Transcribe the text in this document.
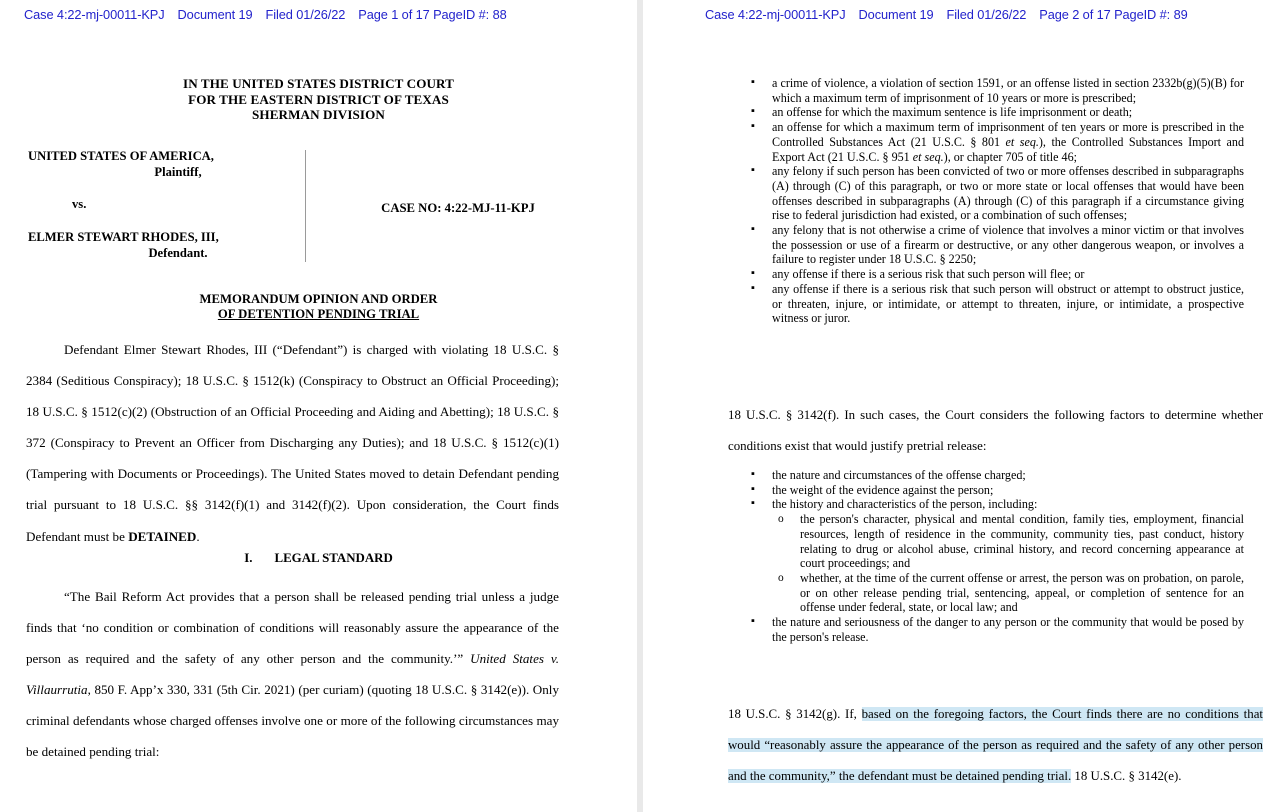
Case 4:22-mj-00011-KPJ Document 19 Filed 01/26/22 Page 1 of 17 PageID #: 88
IN THE UNITED STATES DISTRICT COURT
FOR THE EASTERN DISTRICT OF TEXAS
SHERMAN DIVISION
UNITED STATES OF AMERICA,
Plaintiff,
vs.
ELMER STEWART RHODES, III,
Defendant.
CASE NO: 4:22-MJ-11-KPJ
MEMORANDUM OPINION AND ORDER
OF DETENTION PENDING TRIAL

Defendant Elmer Stewart Rhodes, III (“Defendant”) is charged with violating 18 U.S.C. § 2384 (Seditious Conspiracy); 18 U.S.C. § 1512(k) (Conspiracy to Obstruct an Official Proceeding); 18 U.S.C. § 1512(c)(2) (Obstruction of an Official Proceeding and Aiding and Abetting); 18 U.S.C. § 372 (Conspiracy to Prevent an Officer from Discharging any Duties); and 18 U.S.C. § 1512(c)(1) (Tampering with Documents or Proceedings). The United States moved to detain Defendant pending trial pursuant to 18 U.S.C. §§ 3142(f)(1) and 3142(f)(2). Upon consideration, the Court finds Defendant must be DETAINED.

I. LEGAL STANDARD

“The Bail Reform Act provides that a person shall be released pending trial unless a judge finds that ‘no condition or combination of conditions will reasonably assure the appearance of the person as required and the safety of any other person and the community.’” United States v. Villaurrutia, 850 F. App’x 330, 331 (5th Cir. 2021) (per curiam) (quoting 18 U.S.C. § 3142(e)). Only criminal defendants whose charged offenses involve one or more of the following circumstances may be detained pending trial:

Case 4:22-mj-00011-KPJ Document 19 Filed 01/26/22 Page 2 of 17 PageID #: 89
▪ a crime of violence, a violation of section 1591, or an offense listed in section 2332b(g)(5)(B) for which a maximum term of imprisonment of 10 years or more is prescribed;
▪ an offense for which the maximum sentence is life imprisonment or death;
▪ an offense for which a maximum term of imprisonment of ten years or more is prescribed in the Controlled Substances Act (21 U.S.C. § 801 et seq.), the Controlled Substances Import and Export Act (21 U.S.C. § 951 et seq.), or chapter 705 of title 46;
▪ any felony if such person has been convicted of two or more offenses described in subparagraphs (A) through (C) of this paragraph, or two or more state or local offenses that would have been offenses described in subparagraphs (A) through (C) of this paragraph if a circumstance giving rise to federal jurisdiction had existed, or a combination of such offenses;
▪ any felony that is not otherwise a crime of violence that involves a minor victim or that involves the possession or use of a firearm or destructive, or any other dangerous weapon, or involves a failure to register under 18 U.S.C. § 2250;
▪ any offense if there is a serious risk that such person will flee; or
▪ any offense if there is a serious risk that such person will obstruct or attempt to obstruct justice, or threaten, injure, or intimidate, or attempt to threaten, injure, or intimidate, a prospective witness or juror.
18 U.S.C. § 3142(f). In such cases, the Court considers the following factors to determine whether conditions exist that would justify pretrial release:
▪ the nature and circumstances of the offense charged;
▪ the weight of the evidence against the person;
▪ the history and characteristics of the person, including:
o the person's character, physical and mental condition, family ties, employment, financial resources, length of residence in the community, community ties, past conduct, history relating to drug or alcohol abuse, criminal history, and record concerning appearance at court proceedings; and
o whether, at the time of the current offense or arrest, the person was on probation, on parole, or on other release pending trial, sentencing, appeal, or completion of sentence for an offense under federal, state, or local law; and
▪ the nature and seriousness of the danger to any person or the community that would be posed by the person's release.
18 U.S.C. § 3142(g). If, based on the foregoing factors, the Court finds there are no conditions that would “reasonably assure the appearance of the person as required and the safety of any other person and the community,” the defendant must be detained pending trial. 18 U.S.C. § 3142(e).
